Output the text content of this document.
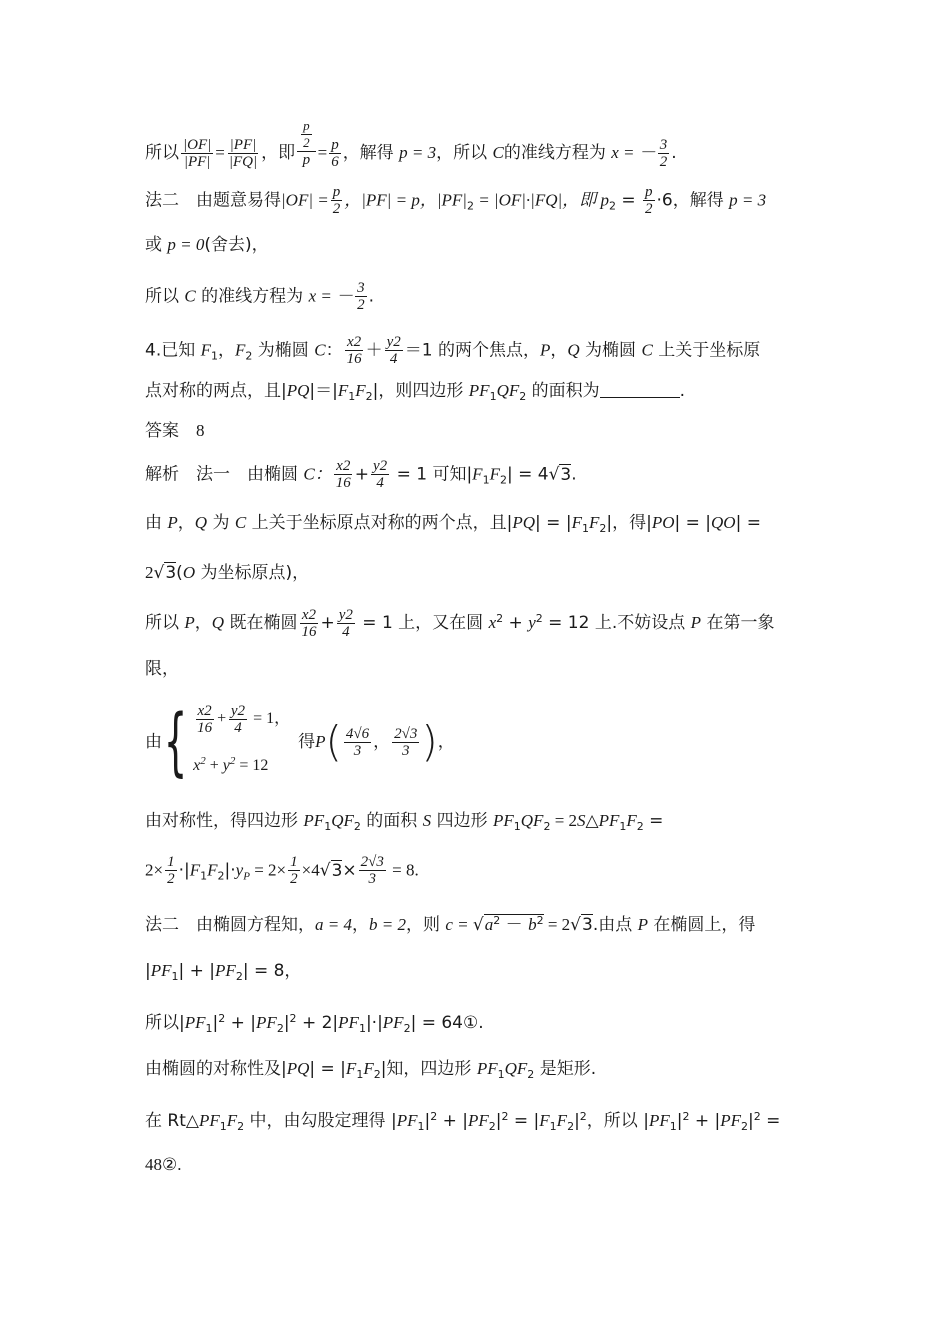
所以 $\frac{|OF|}{|PF|} = \frac{|PF|}{|FQ|}$ ，即 $\frac{\frac{p}{2}}{p} = \frac{p}{6}$ ，解得 p = 3，所以 C的准线方程为 x = － $\frac{3}{2}$ .
法二　由题意易得$|OF| = \frac{p}{2}$ ，|PF| = p，$|PF|_2 = |OF|\cdot|FQ|$，即 $p_2 = \frac{p}{2} \cdot 6$，解得 p = 3
或 p = 0(舍去)，
所以 C 的准线方程为 x = － $\frac{3}{2}$ .
4.已知 $F_1$，$F_2$ 为椭圆 C： $\frac{x2}{16} + \frac{y2}{4} =1$ 的两个焦点，P，Q 为椭圆 C 上关于坐标原
点对称的两点，且$|PQ|=|F_1F_2|$，则四边形 $PF_1QF_2$ 的面积为	.
答案　 8
解析　法一　由椭圆 C： $\frac{x2}{16} + \frac{y2}{4} = 1$ 可知$|F_1F_2| = 4√3$.
由 P，Q 为 C 上关于坐标原点对称的两个点，且$|PQ| = |F_1F_2|$，得|PO| = |QO| =
2√3(O 为坐标原点)，
所以 P，Q 既在椭圆 $\frac{x2}{16} + \frac{y2}{4} = 1$ 上，又在圆 $x^2 + y^2 = 12$ 上.不妨设点 P 在第一象
限，
由 { $\frac{x2}{16} + \frac{y2}{4} = 1$，
$x^2 + y^2 = 12$
得 P ( $\frac{4√6}{3}$ ， $\frac{2√3}{3}$ ) ，
由对称性，得四边形 $PF_1QF_2$ 的面积 S 四边形 $PF_1QF_2$ = $2S\triangle PF_1F_2$ =
$2\times \frac{1}{2} \cdot|F_1F_2|\cdot y_P = 2\times \frac{1}{2} \times 4√3\times \frac{2√3}{3} = 8$.
法二　由椭圆方程知，a = 4，b = 2，则 $c = √a^2 - b^2 = 2√3$.由点 P 在椭圆上，得
$|PF_1| + |PF_2| = 8$，
所以$|PF_1|^2 + |PF_2|^2 + 2|PF_1|\cdot|PF_2|$ = 64①.
由椭圆的对称性及$|PQ| = |F_1F_2|$知，四边形 $PF_1QF_2$ 是矩形.
在 $Rt\triangle PF_1F_2$ 中，由勾股定理得 $|PF_1|^2 + |PF_2|^2 = |F_1F_2|^2$，所以 $|PF_1|^2 + |PF_2|^2$ =
48②.
